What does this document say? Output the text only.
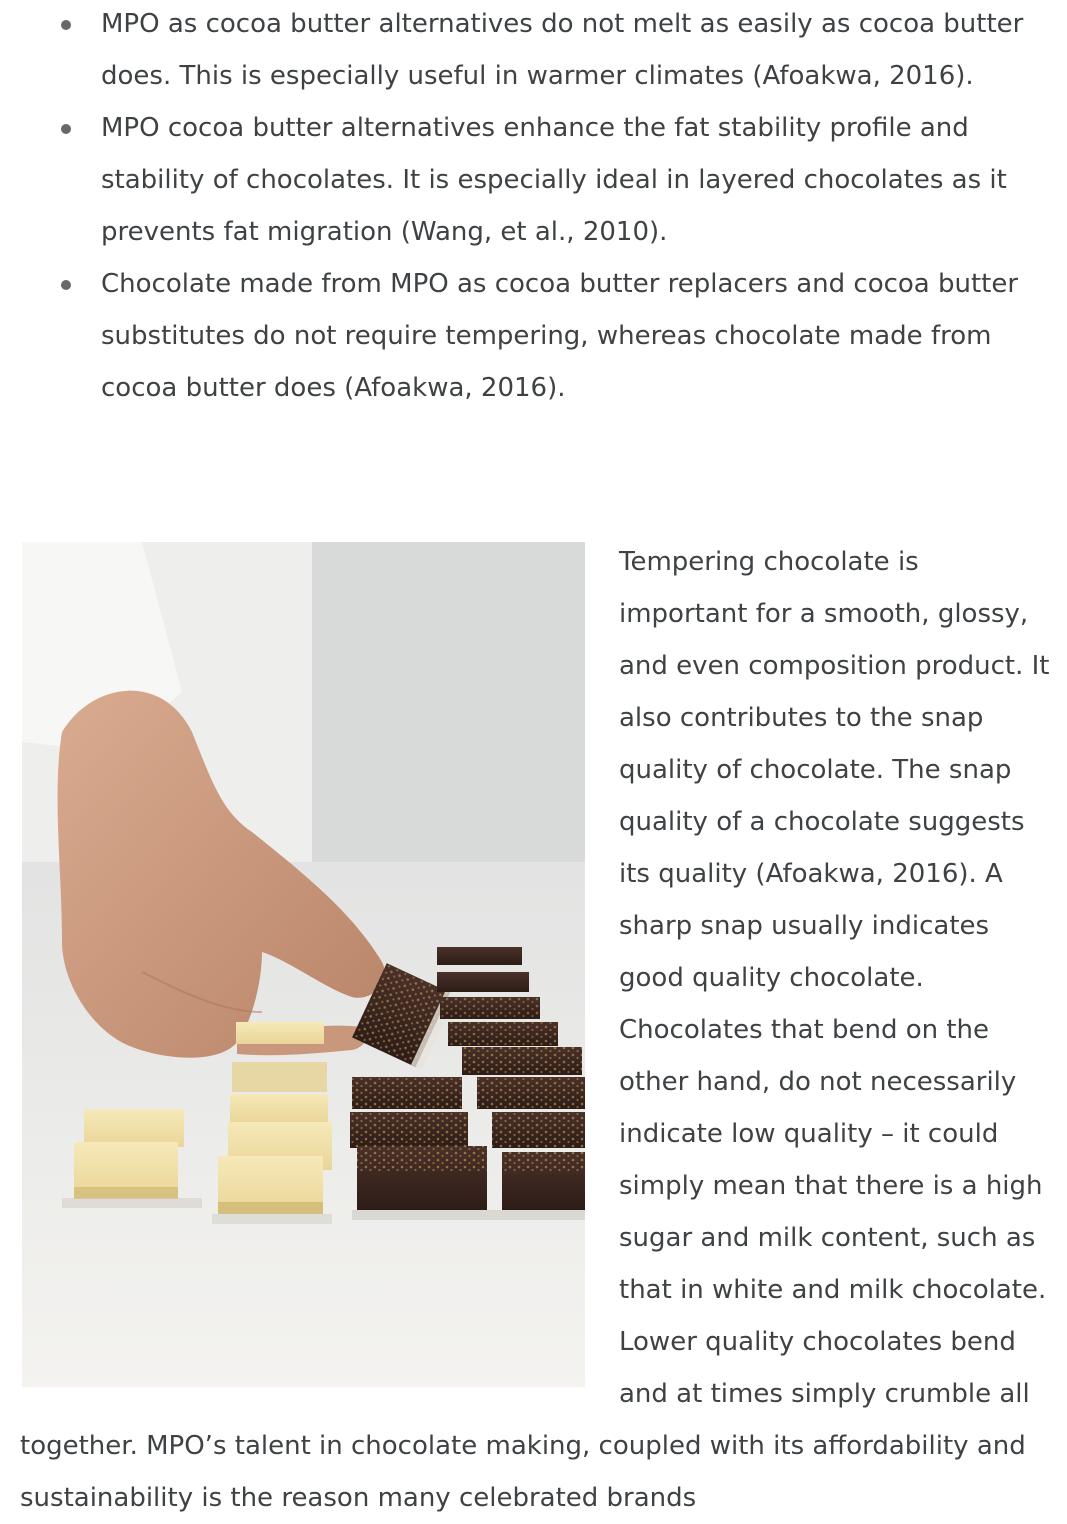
MPO as cocoa butter alternatives do not melt as easily as cocoa butter does. This is especially useful in warmer climates (Afoakwa, 2016).
MPO cocoa butter alternatives enhance the fat stability profile and stability of chocolates. It is especially ideal in layered chocolates as it prevents fat migration (Wang, et al., 2010).
Chocolate made from MPO as cocoa butter replacers and cocoa butter substitutes do not require tempering, whereas chocolate made from cocoa butter does (Afoakwa, 2016).

Tempering chocolate is important for a smooth, glossy, and even composition product. It also contributes to the snap quality of chocolate. The snap quality of a chocolate suggests its quality (Afoakwa, 2016). A sharp snap usually indicates good quality chocolate. Chocolates that bend on the other hand, do not necessarily indicate low quality – it could simply mean that there is a high sugar and milk content, such as that in white and milk chocolate. Lower quality chocolates bend and at times simply crumble all together. MPO’s talent in chocolate making, coupled with its affordability and sustainability is the reason many celebrated brands
